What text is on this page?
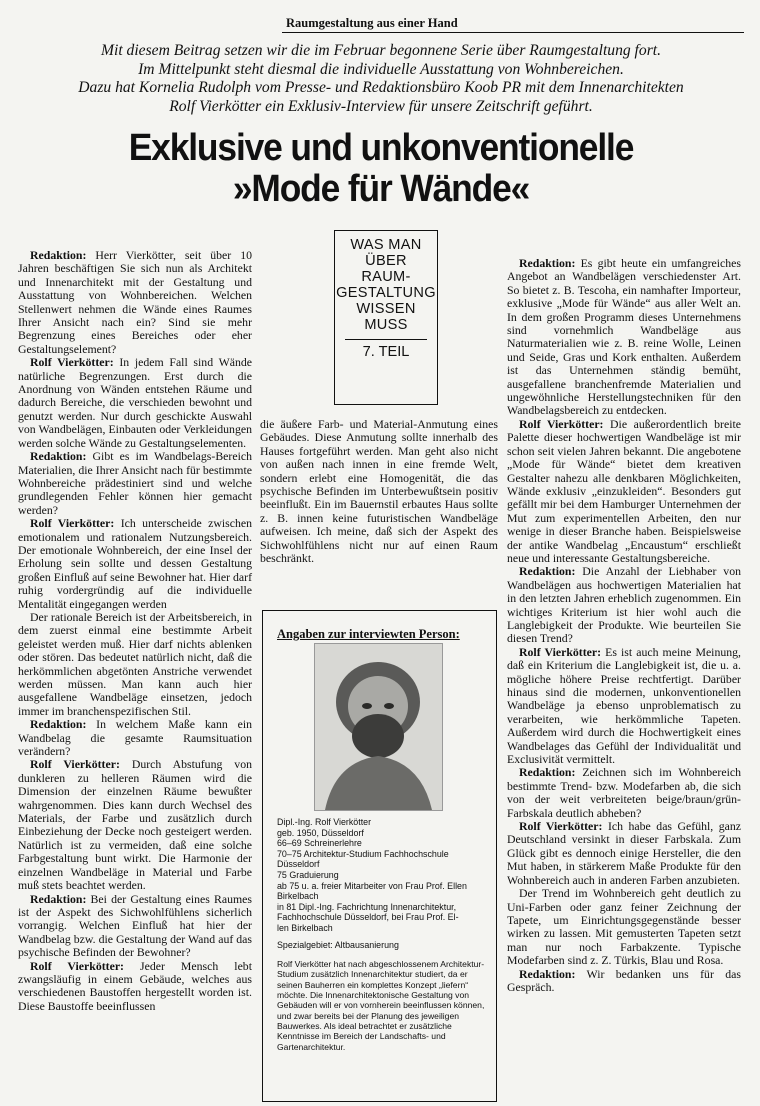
Raumgestaltung aus einer Hand
Mit diesem Beitrag setzen wir die im Februar begonnene Serie über Raumgestaltung fort.
Im Mittelpunkt steht diesmal die individuelle Ausstattung von Wohnbereichen.
Dazu hat Kornelia Rudolph vom Presse- und Redaktionsbüro Koob PR mit dem Innenarchitekten
Rolf Vierkötter ein Exklusiv-Interview für unsere Zeitschrift geführt.
Exklusive und unkonventionelle
»Mode für Wände«
WAS MAN
ÜBER
RAUM-
GESTALTUNG
WISSEN
MUSS
7. TEIL

Redaktion: Herr Vierkötter, seit über 10 Jahren beschäftigen Sie sich nun als Architekt und Innenarchitekt mit der Gestaltung und Ausstattung von Wohnbereichen. Welchen Stellenwert nehmen die Wände eines Raumes Ihrer Ansicht nach ein? Sind sie mehr Begrenzung eines Bereiches oder eher Gestaltungselement?

Rolf Vierkötter: In jedem Fall sind Wände natürliche Begrenzungen. Erst durch die Anordnung von Wänden entstehen Räume und dadurch Bereiche, die verschieden bewohnt und genutzt werden. Nur durch geschickte Auswahl von Wandbelägen, Einbauten oder Verkleidungen werden solche Wände zu Gestaltungselementen.

Redaktion: Gibt es im Wandbelags-Bereich Materialien, die Ihrer Ansicht nach für bestimmte Wohnbereiche prädestiniert sind und welche grundlegenden Fehler können hier gemacht werden?

Rolf Vierkötter: Ich unterscheide zwischen emotionalem und rationalem Nutzungsbereich. Der emotionale Wohnbereich, der eine Insel der Erholung sein sollte und dessen Gestaltung großen Einfluß auf seine Bewohner hat. Hier darf ruhig vordergründig auf die individuelle Mentalität eingegangen werden

Der rationale Bereich ist der Arbeitsbereich, in dem zuerst einmal eine bestimmte Arbeit geleistet werden muß. Hier darf nichts ablenken oder stören. Das bedeutet natürlich nicht, daß die herkömmlichen abgetönten Anstriche verwendet werden müssen. Man kann auch hier ausgefallene Wandbeläge einsetzen, jedoch immer im branchenspezifischen Stil.

Redaktion: In welchem Maße kann ein Wandbelag die gesamte Raumsituation verändern?

Rolf Vierkötter: Durch Abstufung von dunkleren zu helleren Räumen wird die Dimension der einzelnen Räume bewußter wahrgenommen. Dies kann durch Wechsel des Materials, der Farbe und zusätzlich durch Einbeziehung der Decke noch gesteigert werden. Natürlich ist zu vermeiden, daß eine solche Farbgestaltung bunt wirkt. Die Harmonie der einzelnen Wandbeläge in Material und Farbe muß stets beachtet werden.

Redaktion: Bei der Gestaltung eines Raumes ist der Aspekt des Sichwohlfühlens sicherlich vorrangig. Welchen Einfluß hat hier der Wandbelag bzw. die Gestaltung der Wand auf das psychische Befinden der Bewohner?

Rolf Vierkötter: Jeder Mensch lebt zwangsläufig in einem Gebäude, welches aus verschiedenen Baustoffen hergestellt worden ist. Diese Baustoffe beeinflussen

die äußere Farb- und Material-Anmutung eines Gebäudes. Diese Anmutung sollte innerhalb des Hauses fortgeführt werden. Man geht also nicht von außen nach innen in eine fremde Welt, sondern erlebt eine Homogenität, die das psychische Befinden im Unterbewußtsein positiv beeinflußt. Ein im Bauernstil erbautes Haus sollte z. B. innen keine futuristischen Wandbeläge aufweisen. Ich meine, daß sich der Aspekt des Sichwohlfühlens nicht nur auf einen Raum beschränkt.

Angaben zur interviewten Person:
Dipl.-Ing. Rolf Vierkötter
geb. 1950, Düsseldorf
66–69 Schreinerlehre
70–75 Architektur-Studium Fachhochschule
Düsseldorf
75 Graduierung
ab 75 u. a. freier Mitarbeiter von Frau Prof. Ellen
Birkelbach
in 81 Dipl.-Ing. Fachrichtung Innenarchitektur,
Fachhochschule Düsseldorf, bei Frau Prof. El-
len Birkelbach
Spezialgebiet: Altbausanierung
Rolf Vierkötter hat nach abgeschlossenem Architektur-Studium zusätzlich Innenarchitektur studiert, da er seinen Bauherren ein komplettes Konzept „liefern“ möchte. Die Innenarchitektonische Gestaltung von Gebäuden will er von vornherein beeinflussen können, und zwar bereits bei der Planung des jeweiligen Bauwerkes. Als ideal betrachtet er zusätzliche Kenntnisse im Bereich der Landschafts- und Gartenarchitektur.

Redaktion: Es gibt heute ein umfangreiches Angebot an Wandbelägen verschiedenster Art. So bietet z. B. Tescoha, ein namhafter Importeur, exklusive „Mode für Wände“ aus aller Welt an. In dem großen Programm dieses Unternehmens sind vornehmlich Wandbeläge aus Naturmaterialien wie z. B. reine Wolle, Leinen und Seide, Gras und Kork enthalten. Außerdem ist das Unternehmen ständig bemüht, ausgefallene branchenfremde Materialien und ungewöhnliche Herstellungstechniken für den Wandbelagsbereich zu entdecken.

Rolf Vierkötter: Die außerordentlich breite Palette dieser hochwertigen Wandbeläge ist mir schon seit vielen Jahren bekannt. Die angebotene „Mode für Wände“ bietet dem kreativen Gestalter nahezu alle denkbaren Möglichkeiten, Wände exklusiv „einzukleiden“. Besonders gut gefällt mir bei dem Hamburger Unternehmen der Mut zum experimentellen Arbeiten, den nur wenige in dieser Branche haben. Beispielsweise der antike Wandbelag „Encaustum“ erschließt neue und interessante Gestaltungsbereiche.

Redaktion: Die Anzahl der Liebhaber von Wandbelägen aus hochwertigen Materialien hat in den letzten Jahren erheblich zugenommen. Ein wichtiges Kriterium ist hier wohl auch die Langlebigkeit der Produkte. Wie beurteilen Sie diesen Trend?

Rolf Vierkötter: Es ist auch meine Meinung, daß ein Kriterium die Langlebigkeit ist, die u. a. mögliche höhere Preise rechtfertigt. Darüber hinaus sind die modernen, unkonventionellen Wandbeläge ja ebenso unproblematisch zu verarbeiten, wie herkömmliche Tapeten. Außerdem wird durch die Hochwertigkeit eines Wandbelages das Gefühl der Individualität und Exclusivität vermittelt.

Redaktion: Zeichnen sich im Wohnbereich bestimmte Trend- bzw. Modefarben ab, die sich von der weit verbreiteten beige/braun/grün-Farbskala deutlich abheben?

Rolf Vierkötter: Ich habe das Gefühl, ganz Deutschland versinkt in dieser Farbskala. Zum Glück gibt es dennoch einige Hersteller, die den Mut haben, in stärkerem Maße Produkte für den Wohnbereich auch in anderen Farben anzubieten.

Der Trend im Wohnbereich geht deutlich zu Uni-Farben oder ganz feiner Zeichnung der Tapete, um Einrichtungsgegenstände besser wirken zu lassen. Mit gemusterten Tapeten setzt man nur noch Farbakzente. Typische Modefarben sind z. Z. Türkis, Blau und Rosa.

Redaktion: Wir bedanken uns für das Gespräch.
